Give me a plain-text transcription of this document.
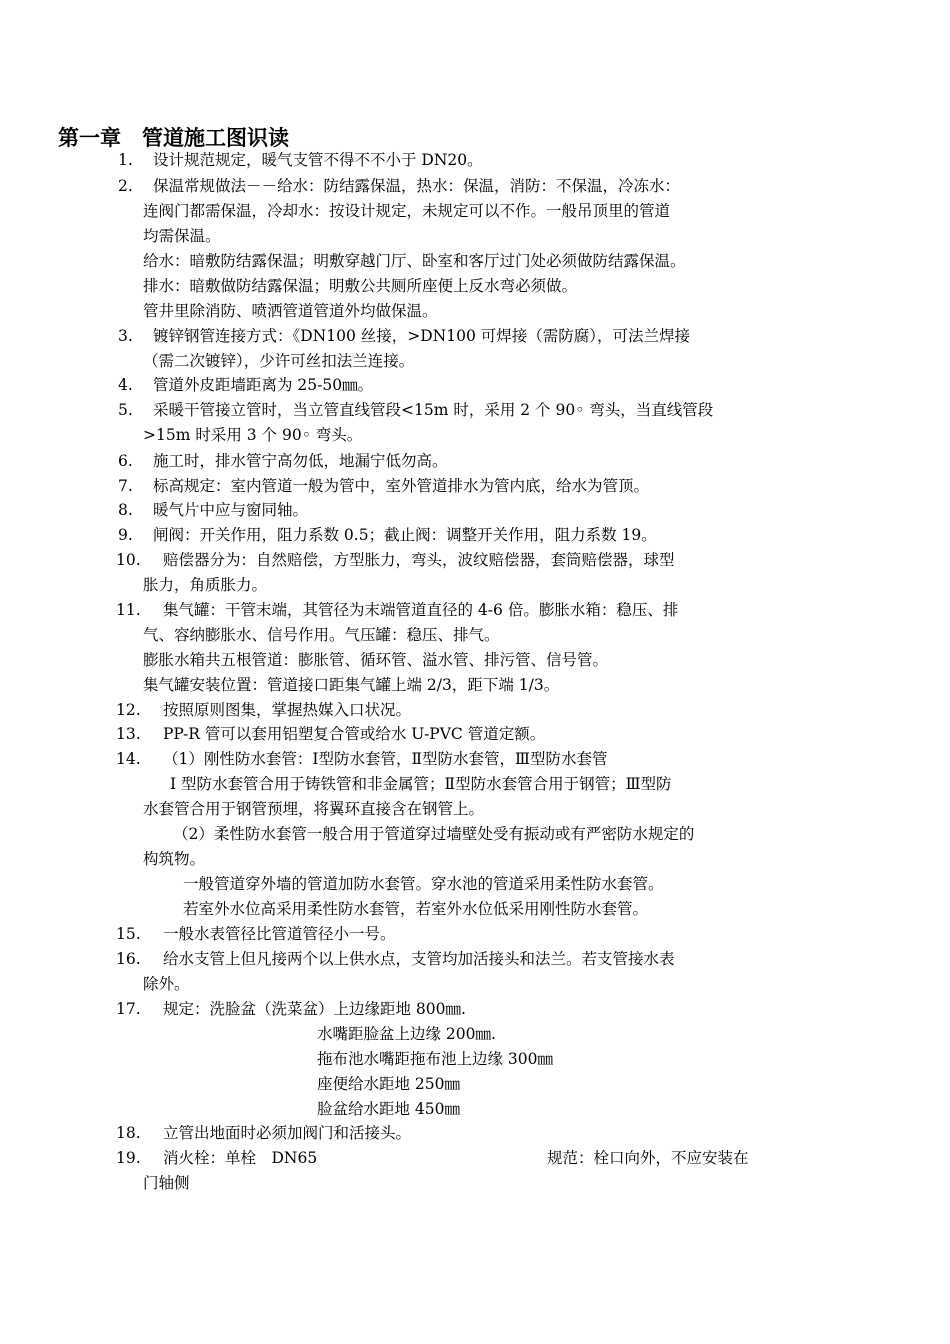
第一章　管道施工图识读
1. 设计规范规定，暖气支管不得不不小于 DN20。
2. 保温常规做法－－给水：防结露保温，热水：保温，消防：不保温，冷冻水：
连阀门都需保温，冷却水：按设计规定，未规定可以不作。一般吊顶里的管道
均需保温。
给水：暗敷防结露保温；明敷穿越门厅、卧室和客厅过门处必须做防结露保温。
排水：暗敷做防结露保温；明敷公共厕所座便上反水弯必须做。
管井里除消防、喷洒管道管道外均做保温。
3. 镀锌钢管连接方式：《DN100 丝接，>DN100 可焊接（需防腐），可法兰焊接
（需二次镀锌），少许可丝扣法兰连接。
4. 管道外皮距墙距离为 25-50㎜。
5. 采暖干管接立管时，当立管直线管段<15m 时，采用 2 个 90◦ 弯头，当直线管段
>15m 时采用 3 个 90◦ 弯头。
6. 施工时，排水管宁高勿低，地漏宁低勿高。
7. 标高规定：室内管道一般为管中，室外管道排水为管内底，给水为管顶。
8. 暖气片中应与窗同轴。
9. 闸阀：开关作用，阻力系数 0.5；截止阀：调整开关作用，阻力系数 19。
10. 赔偿器分为：自然赔偿，方型胀力，弯头，波纹赔偿器，套筒赔偿器，球型
胀力，角质胀力。
11. 集气罐：干管末端，其管径为末端管道直径的 4-6 倍。膨胀水箱：稳压、排
气、容纳膨胀水、信号作用。气压罐：稳压、排气。
膨胀水箱共五根管道：膨胀管、循环管、溢水管、排污管、信号管。
集气罐安装位置：管道接口距集气罐上端 2/3，距下端 1/3。
12. 按照原则图集，掌握热媒入口状况。
13. PP-R 管可以套用铝塑复合管或给水 U-PVC 管道定额。
14. （1）刚性防水套管：Ⅰ型防水套管，Ⅱ型防水套管，Ⅲ型防水套管
Ⅰ 型防水套管合用于铸铁管和非金属管；Ⅱ型防水套管合用于钢管；Ⅲ型防
水套管合用于钢管预埋，将翼环直接含在钢管上。
（2）柔性防水套管一般合用于管道穿过墙壁处受有振动或有严密防水规定的
构筑物。
一般管道穿外墙的管道加防水套管。穿水池的管道采用柔性防水套管。
若室外水位高采用柔性防水套管，若室外水位低采用刚性防水套管。
15. 一般水表管径比管道管径小一号。
16. 给水支管上但凡接两个以上供水点，支管均加活接头和法兰。若支管接水表
除外。
17. 规定：洗脸盆（洗菜盆）上边缘距地 800㎜.
水嘴距脸盆上边缘 200㎜.
拖布池水嘴距拖布池上边缘 300㎜
座便给水距地 250㎜
脸盆给水距地 450㎜
18. 立管出地面时必须加阀门和活接头。
19. 消火栓：单栓　DN65	规范：栓口向外，不应安装在
门轴侧
